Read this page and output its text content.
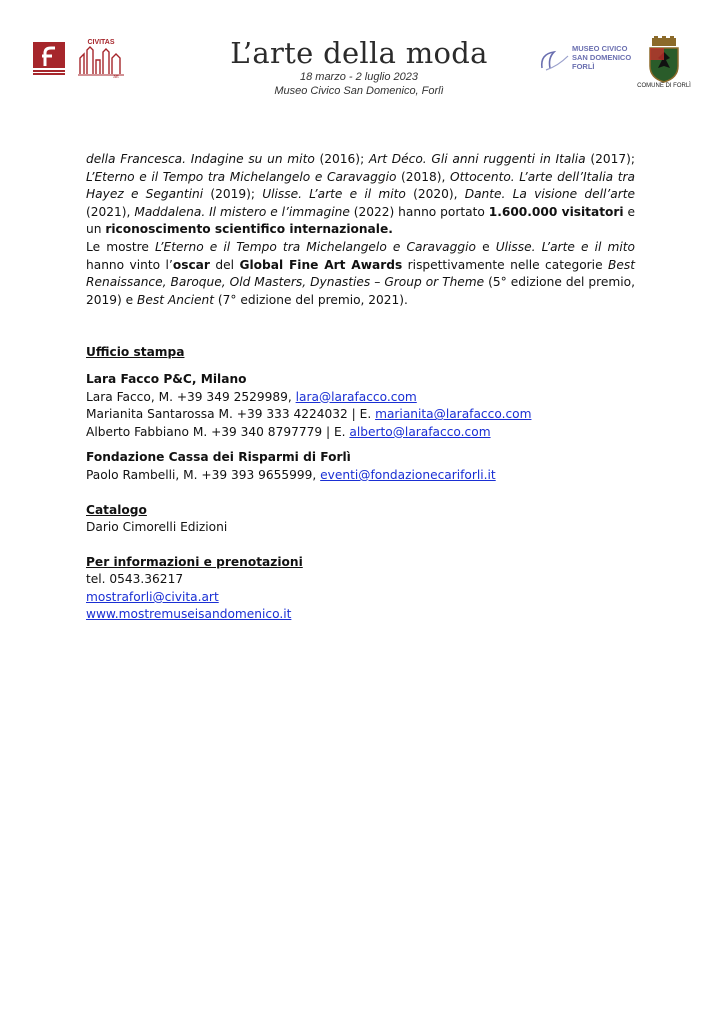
CIVITAS
art

L’arte della moda

18 marzo - 2 luglio 2023

Museo Civico San Domenico, Forlì

MUSEO CIVICO
SAN DOMENICO
FORLÌ
COMUNE DI FORLÌ

della Francesca. Indagine su un mito (2016); Art Déco. Gli anni ruggenti in Italia (2017); L’Eterno e il Tempo tra Michelangelo e Caravaggio (2018), Ottocento. L’arte dell’Italia tra Hayez e Segantini (2019); Ulisse. L’arte e il mito (2020), Dante. La visione dell’arte (2021), Maddalena. Il mistero e l’immagine (2022) hanno portato 1.600.000 visitatori e un riconoscimento scientifico internazionale.

Le mostre L’Eterno e il Tempo tra Michelangelo e Caravaggio e Ulisse. L’arte e il mito hanno vinto l’oscar del Global Fine Art Awards rispettivamente nelle categorie Best Renaissance, Baroque, Old Masters, Dynasties – Group or Theme (5° edizione del premio, 2019) e Best Ancient (7° edizione del premio, 2021).

Ufficio stampa

Lara Facco P&C, Milano

Lara Facco, M. +39 349 2529989, lara@larafacco.com

Marianita Santarossa M. +39 333 4224032 | E. marianita@larafacco.com

Alberto Fabbiano M. +39 340 8797779 | E. alberto@larafacco.com

Fondazione Cassa dei Risparmi di Forlì

Paolo Rambelli, M. +39 393 9655999, eventi@fondazionecariforli.it

Catalogo

Dario Cimorelli Edizioni

Per informazioni e prenotazioni

tel. 0543.36217

mostraforli@civita.art

www.mostremuseisandomenico.it
